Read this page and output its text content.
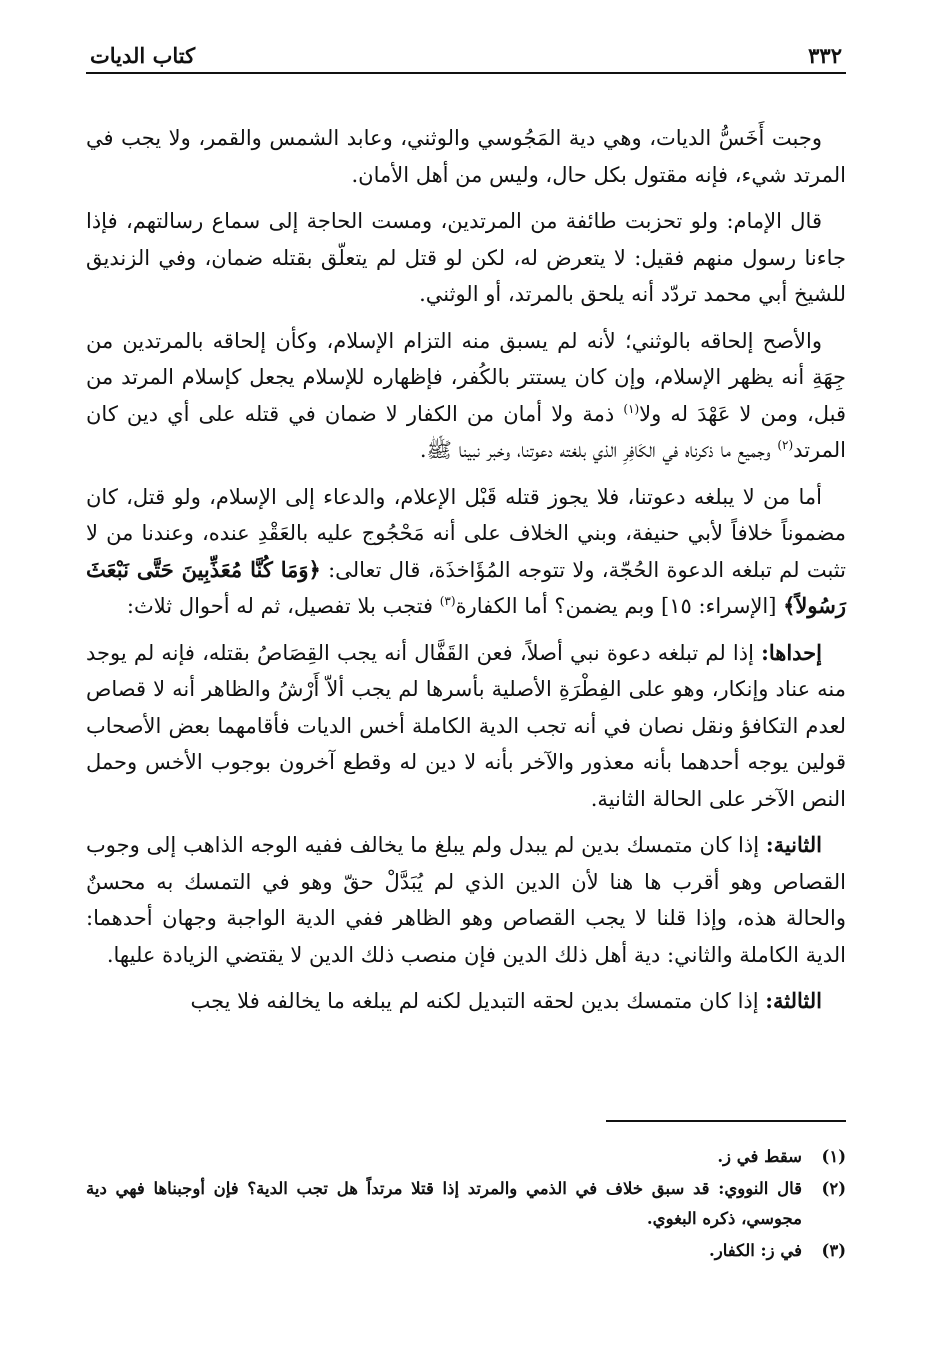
٣٣٢
كتاب الديات

وجبت أَخَسُّ الديات، وهي دية المَجُوسي والوثني، وعابد الشمس والقمر، ولا يجب في المرتد شيء، فإنه مقتول بكل حال، وليس من أهل الأمان.

قال الإمام: ولو تحزبت طائفة من المرتدين، ومست الحاجة إلى سماع رسالتهم، فإذا جاءنا رسول منهم فقيل: لا يتعرض له، لكن لو قتل لم يتعلّق بقتله ضمان، وفي الزنديق للشيخ أبي محمد تردّد أنه يلحق بالمرتد، أو الوثني.

والأصح إلحاقه بالوثني؛ لأنه لم يسبق منه التزام الإسلام، وكأن إلحاقه بالمرتدين من جِهَةِ أنه يظهر الإسلام، وإن كان يستتر بالكُفر، فإظهاره للإسلام يجعل كإسلام المرتد من قبل، ومن لا عَهْدَ له ولا$^{(١)}$ ذمة ولا أمان من الكفار لا ضمان في قتله على أي دين كان المرتد$^{(٢)}$ وجميع ما ذكرناه في الكَافِرِ الذي بلغته دعوتنا، وخبر نبينا ﷺ.

أما من لا يبلغه دعوتنا، فلا يجوز قتله قَبْل الإعلام، والدعاء إلى الإسلام، ولو قتل، كان مضموناً خلافاً لأبي حنيفة، وبني الخلاف على أنه مَحْجُوج عليه بالعَقْدِ عنده، وعندنا من لا تثبت لم تبلغه الدعوة الحُجّة، ولا تتوجه المُؤَاخذَة، قال تعالى: ﴿وَمَا كُنَّا مُعَذِّبِينَ حَتَّى نَبْعَثَ رَسُولاً﴾ [الإسراء: ١٥] وبم يضمن؟ أما الكفارة$^{(٣)}$ فتجب بلا تفصيل، ثم له أحوال ثلاث:

إحداها: إذا لم تبلغه دعوة نبي أصلاً، فعن القَفَّال أنه يجب القِصَاصُ بقتله، فإنه لم يوجد منه عناد وإنكار، وهو على الفِطْرَةِ الأصلية بأسرها لم يجب ألاّ أَرْشُ والظاهر أنه لا قصاص لعدم التكافؤ ونقل نصان في أنه تجب الدية الكاملة أخس الديات فأقامهما بعض الأصحاب قولين يوجه أحدهما بأنه معذور والآخر بأنه لا دين له وقطع آخرون بوجوب الأخس وحمل النص الآخر على الحالة الثانية.

الثانية: إذا كان متمسك بدين لم يبدل ولم يبلغ ما يخالف ففيه الوجه الذاهب إلى وجوب القصاص وهو أقرب ها هنا لأن الدين الذي لم يُبَدَّلْ حقّ وهو في التمسك به محسنٌ والحالة هذه، وإذا قلنا لا يجب القصاص وهو الظاهر ففي الدية الواجبة وجهان أحدهما: الدية الكاملة والثاني: دية أهل ذلك الدين فإن منصب ذلك الدين لا يقتضي الزيادة عليها.

الثالثة: إذا كان متمسك بدين لحقه التبديل لكنه لم يبلغه ما يخالفه فلا يجب

(١)
سقط في ز.
(٢)
قال النووي: قد سبق خلاف في الذمي والمرتد إذا قتلا مرتداً هل تجب الدية؟ فإن أوجبناها فهي دية مجوسي، ذكره البغوي.
(٣)
في ز: الكفار.
